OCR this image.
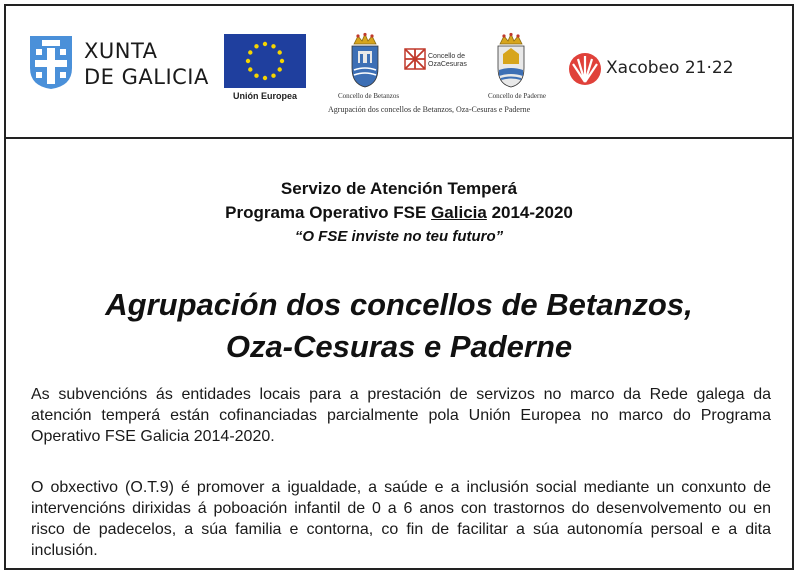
XUNTA
DE GALICIA
Unión Europea	Concello de Betanzos
Concello de
OzaCesuras
Concello de Paderne
Agrupación dos concellos de Betanzos, Oza-Cesuras e Paderne
Xacobeo 21·22
Servizo de Atención Temperá
Programa Operativo FSE Galicia 2014-2020
“O FSE inviste no teu futuro”
Agrupación dos concellos de Betanzos,
Oza-Cesuras e Paderne
As subvencións ás entidades locais para a prestación de servizos no marco da Rede galega da atención temperá están cofinanciadas parcialmente pola Unión Europea no marco do Programa Operativo FSE Galicia 2014-2020.
O obxectivo (O.T.9) é promover a igualdade, a saúde e a inclusión social mediante un conxunto de intervencións dirixidas á poboación infantil de 0 a 6 anos con trastornos do desenvolvemento ou en risco de padecelos, a súa familia e contorna, co fin de facilitar a súa autonomía persoal e a dita inclusión.
